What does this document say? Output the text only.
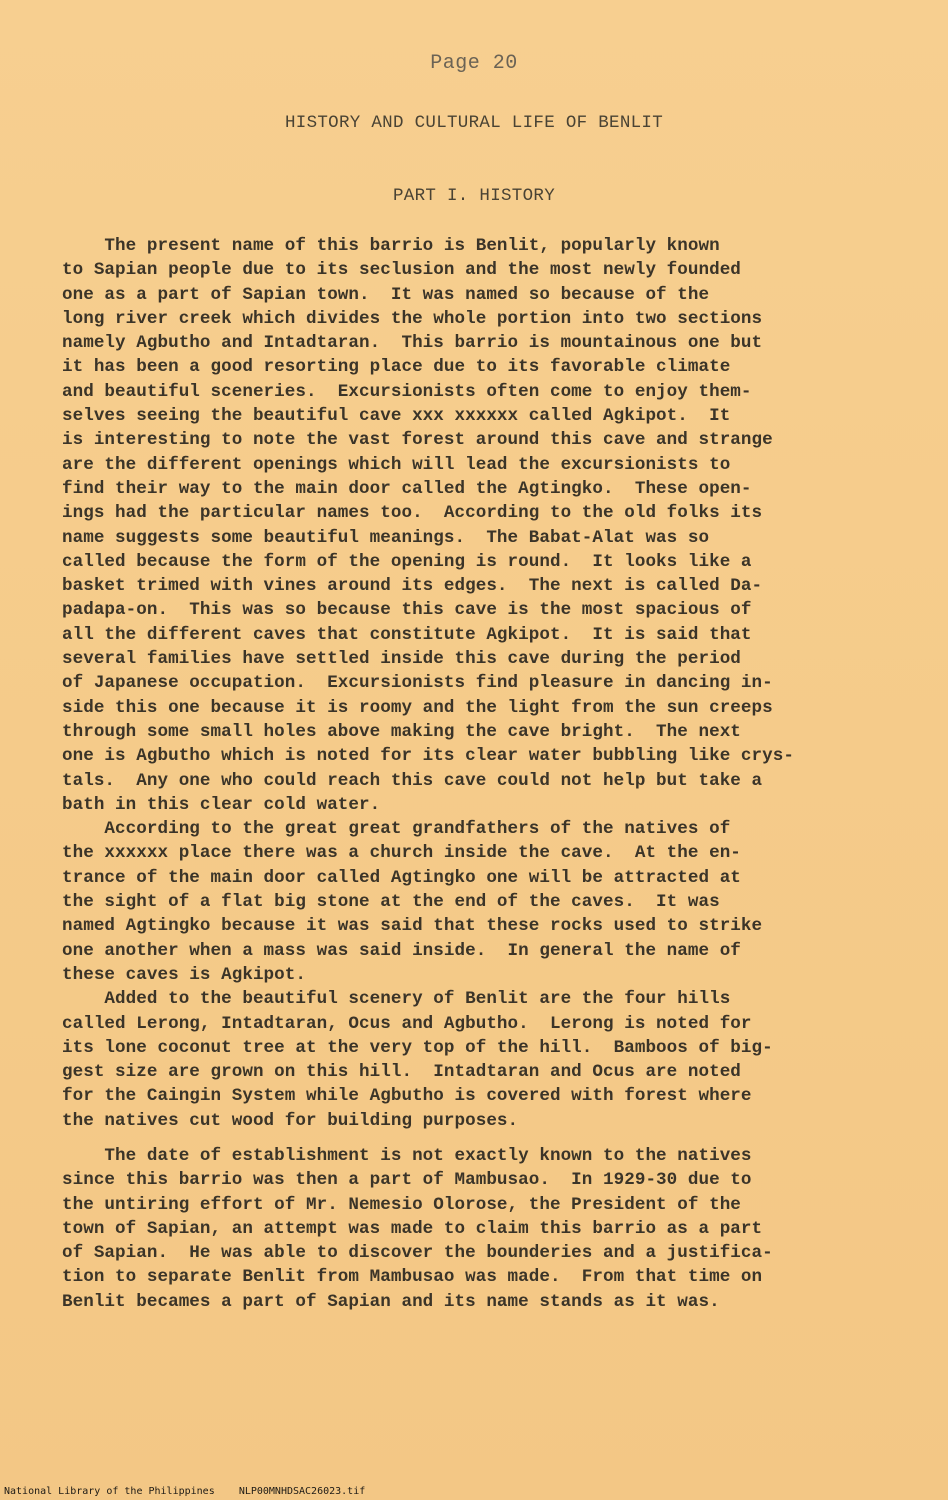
Page 20
HISTORY AND CULTURAL LIFE OF BENLIT
PART I. HISTORY
The present name of this barrio is Benlit, popularly known
to Sapian people due to its seclusion and the most newly founded
one as a part of Sapian town.  It was named so because of the
long river creek which divides the whole portion into two sections
namely Agbutho and Intadtaran.  This barrio is mountainous one but
it has been a good resorting place due to its favorable climate
and beautiful sceneries.  Excursionists often come to enjoy them-
selves seeing the beautiful cave xxx xxxxxx called Agkipot.  It
is interesting to note the vast forest around this cave and strange
are the different openings which will lead the excursionists to
find their way to the main door called the Agtingko.  These open-
ings had the particular names too.  According to the old folks its
name suggests some beautiful meanings.  The Babat-Alat was so
called because the form of the opening is round.  It looks like a
basket trimed with vines around its edges.  The next is called Da-
padapa-on.  This was so because this cave is the most spacious of
all the different caves that constitute Agkipot.  It is said that
several families have settled inside this cave during the period
of Japanese occupation.  Excursionists find pleasure in dancing in-
side this one because it is roomy and the light from the sun creeps
through some small holes above making the cave bright.  The next
one is Agbutho which is noted for its clear water bubbling like crys-
tals.  Any one who could reach this cave could not help but take a
bath in this clear cold water.
According to the great great grandfathers of the natives of
the xxxxxx place there was a church inside the cave.  At the en-
trance of the main door called Agtingko one will be attracted at
the sight of a flat big stone at the end of the caves.  It was
named Agtingko because it was said that these rocks used to strike
one another when a mass was said inside.  In general the name of
these caves is Agkipot.
Added to the beautiful scenery of Benlit are the four hills
called Lerong, Intadtaran, Ocus and Agbutho.  Lerong is noted for
its lone coconut tree at the very top of the hill.  Bamboos of big-
gest size are grown on this hill.  Intadtaran and Ocus are noted
for the Caingin System while Agbutho is covered with forest where
the natives cut wood for building purposes.
The date of establishment is not exactly known to the natives
since this barrio was then a part of Mambusao.  In 1929-30 due to
the untiring effort of Mr. Nemesio Olorose, the President of the
town of Sapian, an attempt was made to claim this barrio as a part
of Sapian.  He was able to discover the bounderies and a justifica-
tion to separate Benlit from Mambusao was made.  From that time on
Benlit becames a part of Sapian and its name stands as it was.
National Library of the Philippines NLP00MNHDSAC26023.tif
